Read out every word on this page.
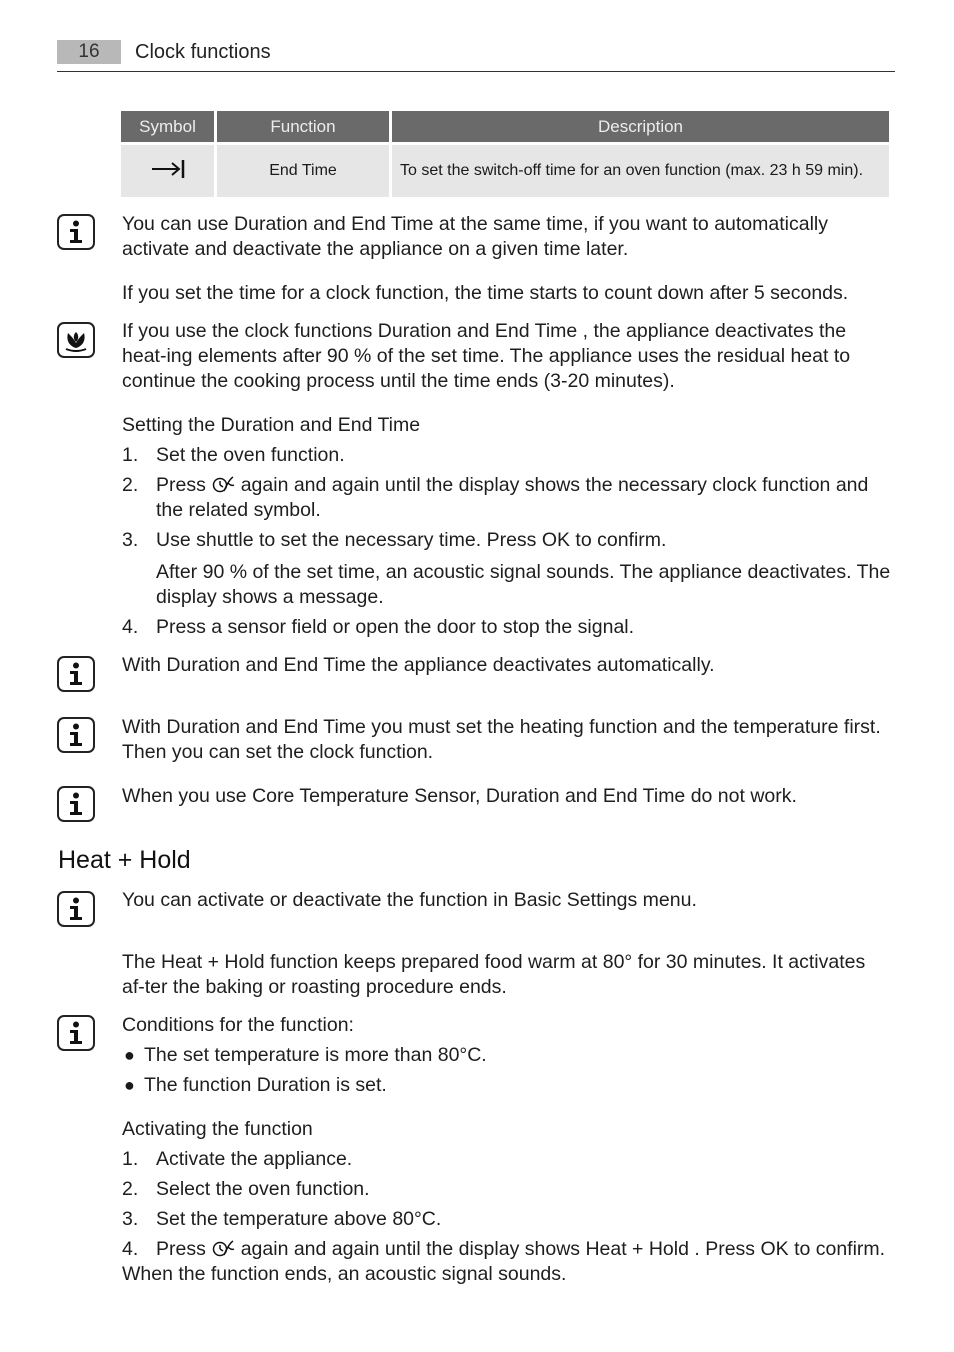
16	Clock functions
Symbol	Function	Description
	End Time	To set the switch-off time for an oven function (max. 23 h 59 min).
You can use Duration and End Time at the same time, if you want to automatically activate and deactivate the appliance on a given time later.
If you set the time for a clock function, the time starts to count down after 5 seconds.
If you use the clock functions Duration and End Time , the appliance deactivates the heat-ing elements after 90 % of the set time. The appliance uses the residual heat to continue the cooking process until the time ends (3-20 minutes).
Setting the Duration and End Time
1. Set the oven function.
2. Press again and again until the display shows the necessary clock function and the related symbol.
3. Use shuttle to set the necessary time. Press OK to confirm.
After 90 % of the set time, an acoustic signal sounds. The appliance deactivates. The display shows a message.
4. Press a sensor field or open the door to stop the signal.
With Duration and End Time the appliance deactivates automatically.
With Duration and End Time you must set the heating function and the temperature first. Then you can set the clock function.
When you use Core Temperature Sensor, Duration and End Time do not work.
Heat + Hold
You can activate or deactivate the function in Basic Settings menu.
The Heat + Hold function keeps prepared food warm at 80° for 30 minutes. It activates af-ter the baking or roasting procedure ends.
Conditions for the function:
● The set temperature is more than 80°C.
● The function Duration is set.
Activating the function
1. Activate the appliance.
2. Select the oven function.
3. Set the temperature above 80°C.
4. Press again and again until the display shows Heat + Hold . Press OK to confirm.
When the function ends, an acoustic signal sounds.
